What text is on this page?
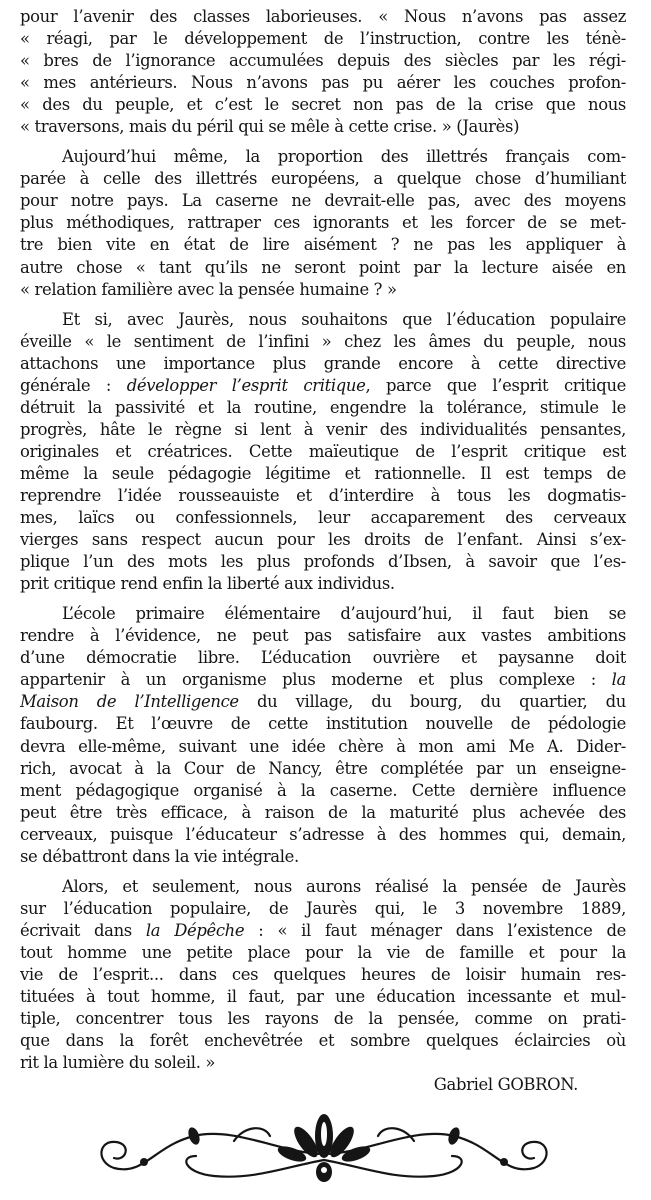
pour l’avenir des classes laborieuses. « Nous n’avons pas assez
« réagi, par le développement de l’instruction, contre les ténè-
« bres de l’ignorance accumulées depuis des siècles par les régi-
« mes antérieurs. Nous n’avons pas pu aérer les couches profon-
« des du peuple, et c’est le secret non pas de la crise que nous
« traversons, mais du péril qui se mêle à cette crise. » (Jaurès)
Aujourd’hui même, la proportion des illettrés français com-
parée à celle des illettrés européens, a quelque chose d’humiliant
pour notre pays. La caserne ne devrait-elle pas, avec des moyens
plus méthodiques, rattraper ces ignorants et les forcer de se met-
tre bien vite en état de lire aisément ? ne pas les appliquer à
autre chose « tant qu’ils ne seront point par la lecture aisée en
« relation familière avec la pensée humaine ? »
Et si, avec Jaurès, nous souhaitons que l’éducation populaire
éveille « le sentiment de l’infini » chez les âmes du peuple, nous
attachons une importance plus grande encore à cette directive
générale : développer l’esprit critique, parce que l’esprit critique
détruit la passivité et la routine, engendre la tolérance, stimule le
progrès, hâte le règne si lent à venir des individualités pensantes,
originales et créatrices. Cette maïeutique de l’esprit critique est
même la seule pédagogie légitime et rationnelle. Il est temps de
reprendre l’idée rousseauiste et d’interdire à tous les dogmatis-
mes, laïcs ou confessionnels, leur accaparement des cerveaux
vierges sans respect aucun pour les droits de l’enfant. Ainsi s’ex-
plique l’un des mots les plus profonds d’Ibsen, à savoir que l’es-
prit critique rend enfin la liberté aux individus.
L’école primaire élémentaire d’aujourd’hui, il faut bien se
rendre à l’évidence, ne peut pas satisfaire aux vastes ambitions
d’une démocratie libre. L’éducation ouvrière et paysanne doit
appartenir à un organisme plus moderne et plus complexe : la
Maison de l’Intelligence du village, du bourg, du quartier, du
faubourg. Et l’œuvre de cette institution nouvelle de pédologie
devra elle-même, suivant une idée chère à mon ami Me A. Dider-
rich, avocat à la Cour de Nancy, être complétée par un enseigne-
ment pédagogique organisé à la caserne. Cette dernière influence
peut être très efficace, à raison de la maturité plus achevée des
cerveaux, puisque l’éducateur s’adresse à des hommes qui, demain,
se débattront dans la vie intégrale.
Alors, et seulement, nous aurons réalisé la pensée de Jaurès
sur l’éducation populaire, de Jaurès qui, le 3 novembre 1889,
écrivait dans la Dépêche : « il faut ménager dans l’existence de
tout homme une petite place pour la vie de famille et pour la
vie de l’esprit... dans ces quelques heures de loisir humain res-
tituées à tout homme, il faut, par une éducation incessante et mul-
tiple, concentrer tous les rayons de la pensée, comme on prati-
que dans la forêt enchevêtrée et sombre quelques éclaircies où
rit la lumière du soleil. »
Gabriel GOBRON.
